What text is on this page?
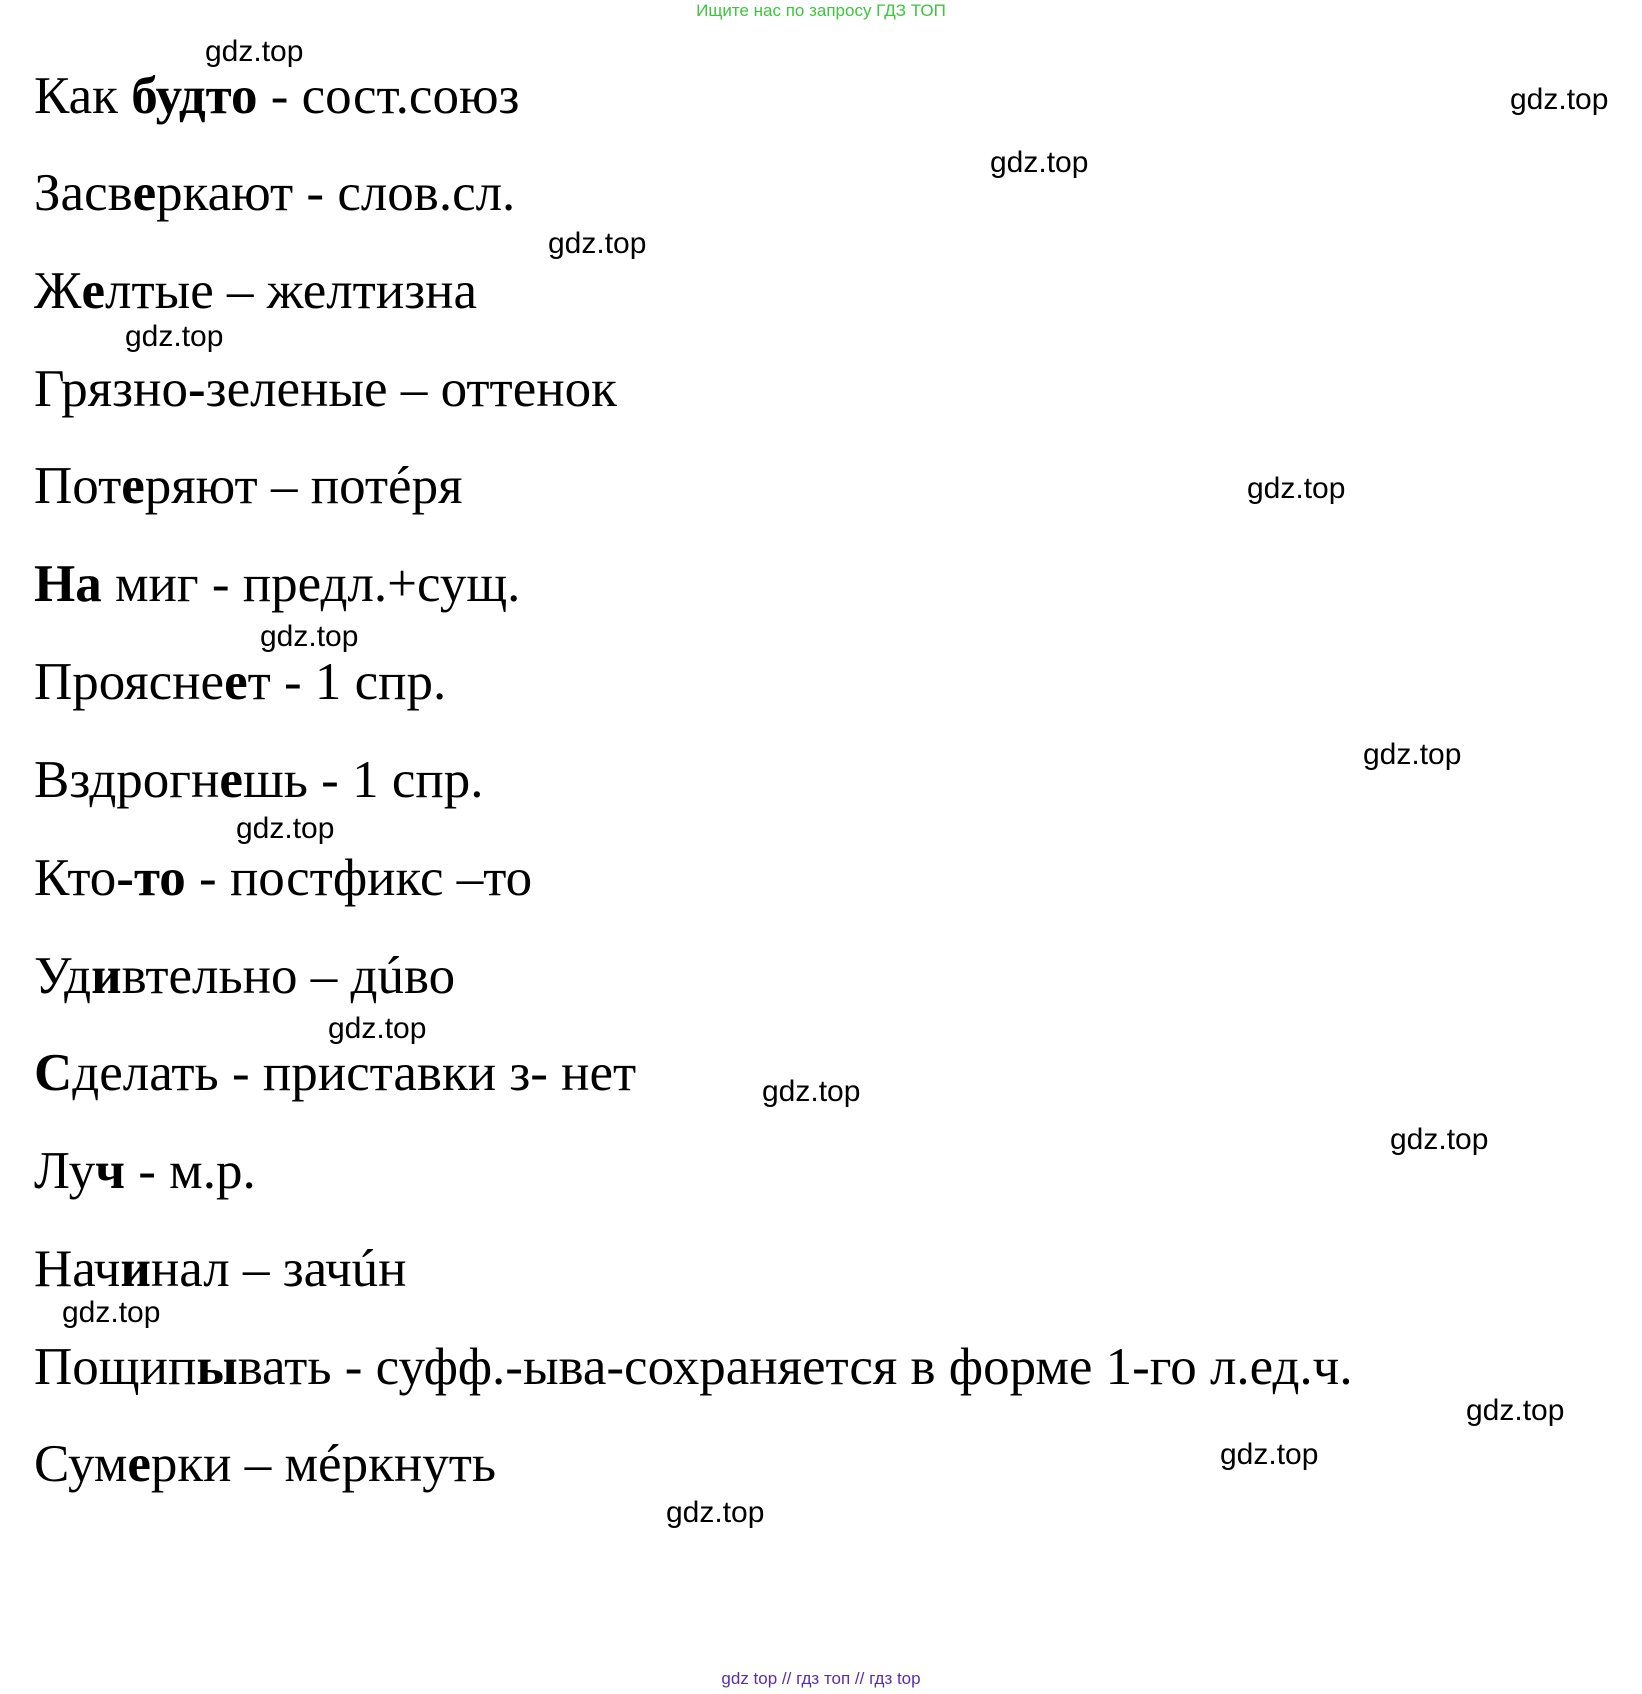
Ищите нас по запросу ГДЗ ТОП
Как будто - сост.союз
Засверкают - слов.сл.
Желтые – желтизна
Грязно-зеленые – оттенок
Потеряют – потéря
На миг - предл.+сущ.
Прояснeет - 1 спр.
Вздрогнешь - 1 спр.
Кто-то - постфикс –то
Удивтельно – дúво
Сделать - приставки з- нет
Луч - м.р.
Начинал – зачúн
Пощипывать - суфф.-ыва-сохраняется в форме 1-го л.ед.ч.
Сумерки – мéркнуть
gdz.top
gdz.top
gdz.top
gdz.top
gdz.top
gdz.top
gdz.top
gdz.top
gdz.top
gdz.top
gdz.top
gdz.top
gdz.top
gdz.top
gdz.top
gdz.top
gdz top // гдз топ // гдз top
